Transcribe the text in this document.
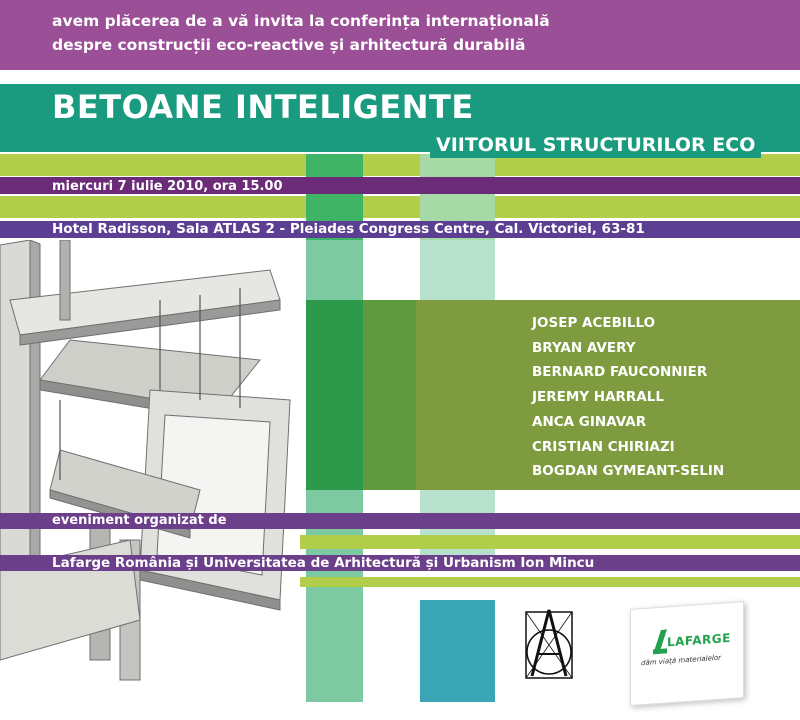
avem plăcerea de a vă invita la conferința internațională
despre construcții eco-reactive și arhitectură durabilă
BETOANE INTELIGENTE
VIITORUL STRUCTURILOR ECO
miercuri 7 iulie 2010, ora 15.00
Hotel Radisson, Sala ATLAS 2 - Pleiades Congress Centre, Cal. Victoriei, 63-81
JOSEP ACEBILLO
BRYAN AVERY
BERNARD FAUCONNIER
JEREMY HARRALL
ANCA GINAVAR
CRISTIAN CHIRIAZI
BOGDAN GYMEANT-SELIN
eveniment organizat de
Lafarge România și Universitatea de Arhitectură și Urbanism Ion Mincu
LAFARGE
dăm viață materialelor
